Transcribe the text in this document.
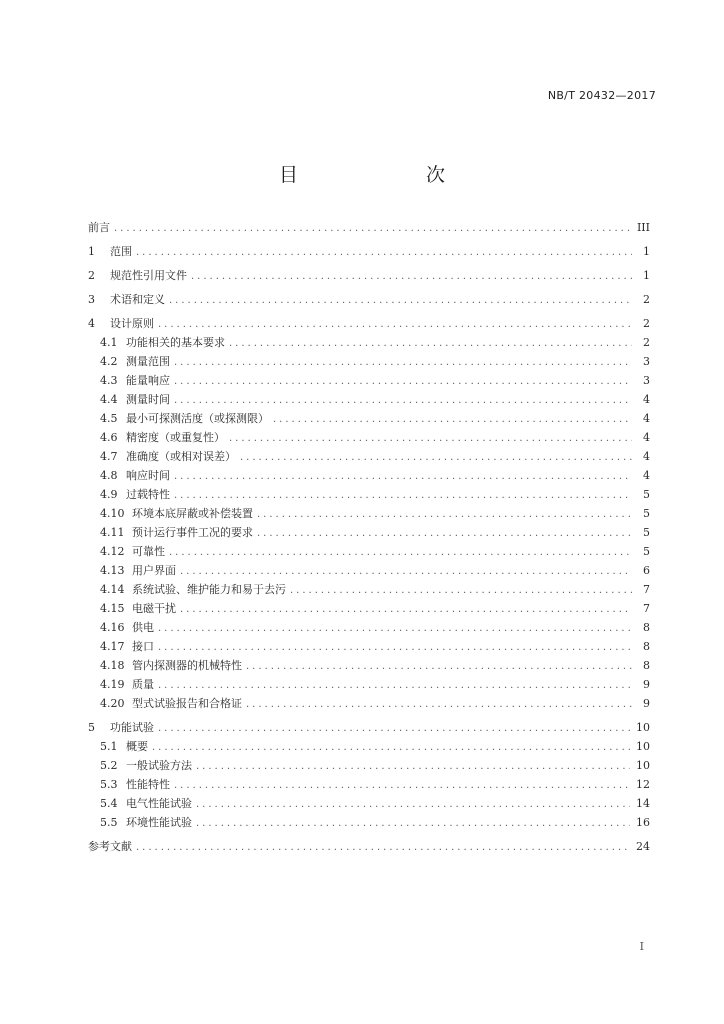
NB/T 20432—2017
目　　次
前言 .....	III
1	范围 .....	1
2	规范性引用文件 .....	1
3	术语和定义 .....	2
4	设计原则 .....	2
4.1 功能相关的基本要求 .....	2
4.2 测量范围 .....	3
4.3 能量响应 .....	3
4.4 测量时间 .....	4
4.5 最小可探测活度（或探测限） .....	4
4.6 精密度（或重复性） .....	4
4.7 准确度（或相对误差） .....	4
4.8 响应时间 .....	4
4.9 过载特性 .....	5
4.10 环境本底屏蔽或补偿装置 .....	5
4.11 预计运行事件工况的要求 .....	5
4.12 可靠性 .....	5
4.13 用户界面 .....	6
4.14 系统试验、维护能力和易于去污 .....	7
4.15 电磁干扰 .....	7
4.16 供电 .....	8
4.17 接口 .....	8
4.18 管内探测器的机械特性 .....	8
4.19 质量 .....	9
4.20 型式试验报告和合格证 .....	9
5	功能试验 .....	10
5.1 概要 .....	10
5.2 一般试验方法 .....	10
5.3 性能特性 .....	12
5.4 电气性能试验 .....	14
5.5 环境性能试验 .....	16
参考文献 .....	24
I
